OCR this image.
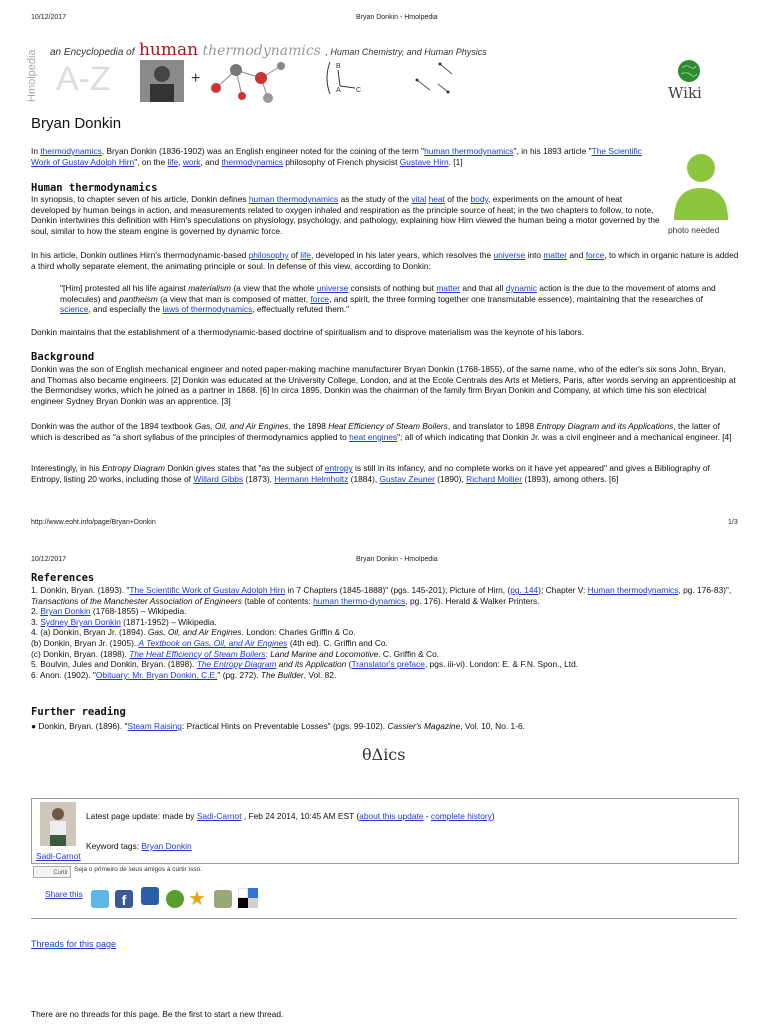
10/12/2017	Bryan Donkin - Hmolpedia
Hmolpedia an Encyclopedia of human thermodynamics , Human Chemistry, and Human Physics
A-Z	+
B
A C	Wiki
Bryan Donkin
photo needed
In thermodynamics, Bryan Donkin (1836-1902) was an English engineer noted for the coining of the term "human thermodynamics", in his 1893 article "The Scientific Work of Gustav Adolph Hirn", on the life, work, and thermodynamics philosophy of French physicist Gustave Hirn. [1]
Human thermodynamics
In synopsis, to chapter seven of his article, Donkin defines human thermodynamics as the study of the vital heat of the body, experiments on the amount of heat developed by human beings in action, and measurements related to oxygen inhaled and respiration as the principle source of heat; in the two chapters to follow, to note, Donkin intertwines this definition with Hirn's speculations on physiology, psychology, and pathology, explaining how Hirn viewed the human being a motor governed by the soul, similar to how the steam engine is governed by dynamic force.
In his article, Donkin outlines Hirn's thermodynamic-based philosophy of life, developed in his later years, which resolves the universe into matter and force, to which in organic nature is added a third wholly separate element, the animating principle or soul. In defense of this view, according to Donkin:
"[Him] protested all his life against materialism (a view that the whole universe consists of nothing but matter and that all dynamic action is the due to the movement of atoms and molecules) and pantheism (a view that man is composed of matter, force, and spirit, the three forming together one transmutable essence), maintaining that the researches of science, and especially the laws of thermodynamics, effectually refuted them."
Donkin maintains that the establishment of a thermodynamic-based doctrine of spiritualism and to disprove materialism was the keynote of his labors.
Background
Donkin was the son of English mechanical engineer and noted paper-making machine manufacturer Bryan Donkin (1768-1855), of the same name, who of the edler's six sons John, Bryan, and Thomas also became engineers. [2] Donkin was educated at the University College, London, and at the Ecole Centrals des Arts et Metiers, Paris, after words serving an apprenticeship at the Bermondsey works, which he joined as a partner in 1868. [6] In circa 1895, Donkin was the chairman of the family firm Bryan Donkin and Company, at which time his son electrical engineer Sydney Bryan Donkin was an apprentice. [3]
Donkin was the author of the 1894 textbook Gas, Oil, and Air Engines, the 1898 Heat Efficiency of Steam Boilers, and translator to 1898 Entropy Diagram and its Applications, the latter of which is described as "a short syllabus of the principles of thermodynamics applied to heat engines"; all of which indicating that Donkin Jr. was a civil engineer and a mechanical engineer. [4]
Interestingly, in his Entropy Diagram Donkin gives states that "as the subject of entropy is still in its infancy, and no complete works on it have yet appeared" and gives a Bibliography of Entropy, listing 20 works, including those of Willard Gibbs (1873), Hermann Helmholtz (1884), Gustav Zeuner (1890), Richard Mollier (1893), among others. [6]
http://www.eoht.info/page/Bryan+Donkin	1/3
10/12/2017	Bryan Donkin - Hmolpedia
References
1. Donkin, Bryan. (1893). "The Scientific Work of Gustav Adolph Hirn in 7 Chapters (1845-1888)" (pgs. 145-201); Picture of Hirn, (pg. 144); Chapter V: Human thermodynamics, pg. 176-83)", Transactions of the Manchester Association of Engineers (table of contents: human thermo-dynamics, pg. 176). Herald & Walker Printers.
2. Bryan Donkin (1768-1855) – Wikipedia.
3. Sydney Bryan Donkin (1871-1952) – Wikipedia.
4. (a) Donkin, Bryan Jr. (1894). Gas, Oil, and Air Engines. London: Charles Griffin & Co.
(b) Donkin, Bryan Jr. (1905). A Textbook on Gas, Oil, and Air Engines (4th ed). C. Griffin and Co.
(c) Donkin, Bryan. (1898). The Heat Efficiency of Steam Boilers: Land Marine and Locomotive. C. Griffin & Co.
5. Boulvin, Jules and Donkin, Bryan. (1898). The Entropy Diagram and its Application (Translator's preface, pgs. iii-vi). London: E. & F.N. Spon., Ltd.
6. Anon. (1902). "Obituary: Mr. Bryan Donkin, C.E." (pg. 272). The Builder, Vol. 82.
Further reading
● Donkin, Bryan. (1896). "Steam Raising: Practical Hints on Preventable Losses" (pgs. 99-102). Cassier's Magazine, Vol. 10, No. 1-6.
θΔics
Sadi-Carnot
Latest page update: made by Sadi-Carnot , Feb 24 2014, 10:45 AM EST (about this update - complete history)
Keyword tags: Bryan Donkin
Curtir Seja o primeiro de seus amigos a curtir isso.
Share this	f	★
Threads for this page
There are no threads for this page. Be the first to start a new thread.
